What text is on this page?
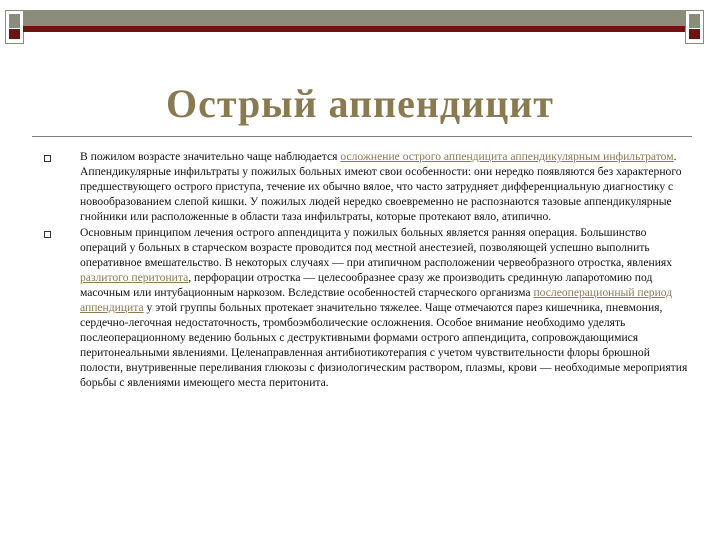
Острый аппендицит
В пожилом возрасте значительно чаще наблюдается осложнение острого аппендицита аппендикулярным инфильтратом. Аппендикулярные инфильтраты у пожилых больных имеют свои особенности: они нередко появляются без характерного предшествующего острого приступа, течение их обычно вялое, что часто затрудняет дифференциальную диагностику с новообразованием слепой кишки. У пожилых людей нередко своевременно не распознаются тазовые аппендикулярные гнойники или расположенные в области таза инфильтраты, которые протекают вяло, атипично.
Основным принципом лечения острого аппендицита у пожилых больных является ранняя операция. Большинство операций у больных в старческом возрасте проводится под местной анестезией, позволяющей успешно выполнить оперативное вмешательство. В некоторых случаях — при атипичном расположении червеобразного отростка, явлениях разлитого перитонита, перфорации отростка — целесообразнее сразу же производить срединную лапаротомию под масочным или интубационным наркозом. Вследствие особенностей старческого организма послеоперационный период аппендицита у этой группы больных протекает значительно тяжелее. Чаще отмечаются парез кишечника, пневмония, сердечно-легочная недостаточность, тромбоэмболические осложнения. Особое внимание необходимо уделять послеоперационному ведению больных с деструктивными формами острого аппендицита, сопровождающимися перитонеальными явлениями. Целенаправленная антибиотикотерапия с учетом чувствительности флоры брюшной полости, внутривенные переливания глюкозы с физиологическим раствором, плазмы, крови — необходимые мероприятия борьбы с явлениями имеющего места перитонита.
